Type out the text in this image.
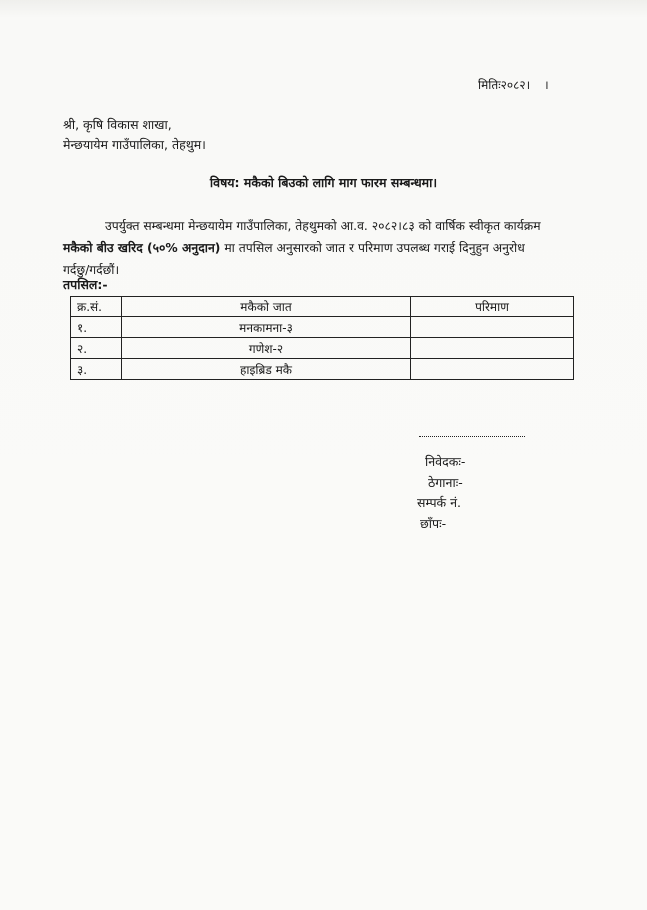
मितिः२०८२। ।
श्री, कृषि विकास शाखा,
मेन्छयायेम गाउँपालिका, तेहथुम।
विषय: मकैको बिउको लागि माग फारम सम्बन्धमा।
उपर्युक्त सम्बन्धमा मेन्छयायेम गाउँपालिका, तेहथुमको आ.व. २०८२।८३ को वार्षिक स्वीकृत कार्यक्रम
मकैको बीउ खरिद (५०% अनुदान) मा तपसिल अनुसारको जात र परिमाण उपलब्ध गराई दिनुहुन अनुरोध
गर्दछु/गर्दछौं।
तपसिल:-
क्र.सं.	मकैको जात	परिमाण
१.	मनकामना-३	
२.	गणेश-२	
३.	हाइब्रिड मकै	
निवेदकः-
ठेगानाः-
सम्पर्क नं.
छाँपः-
